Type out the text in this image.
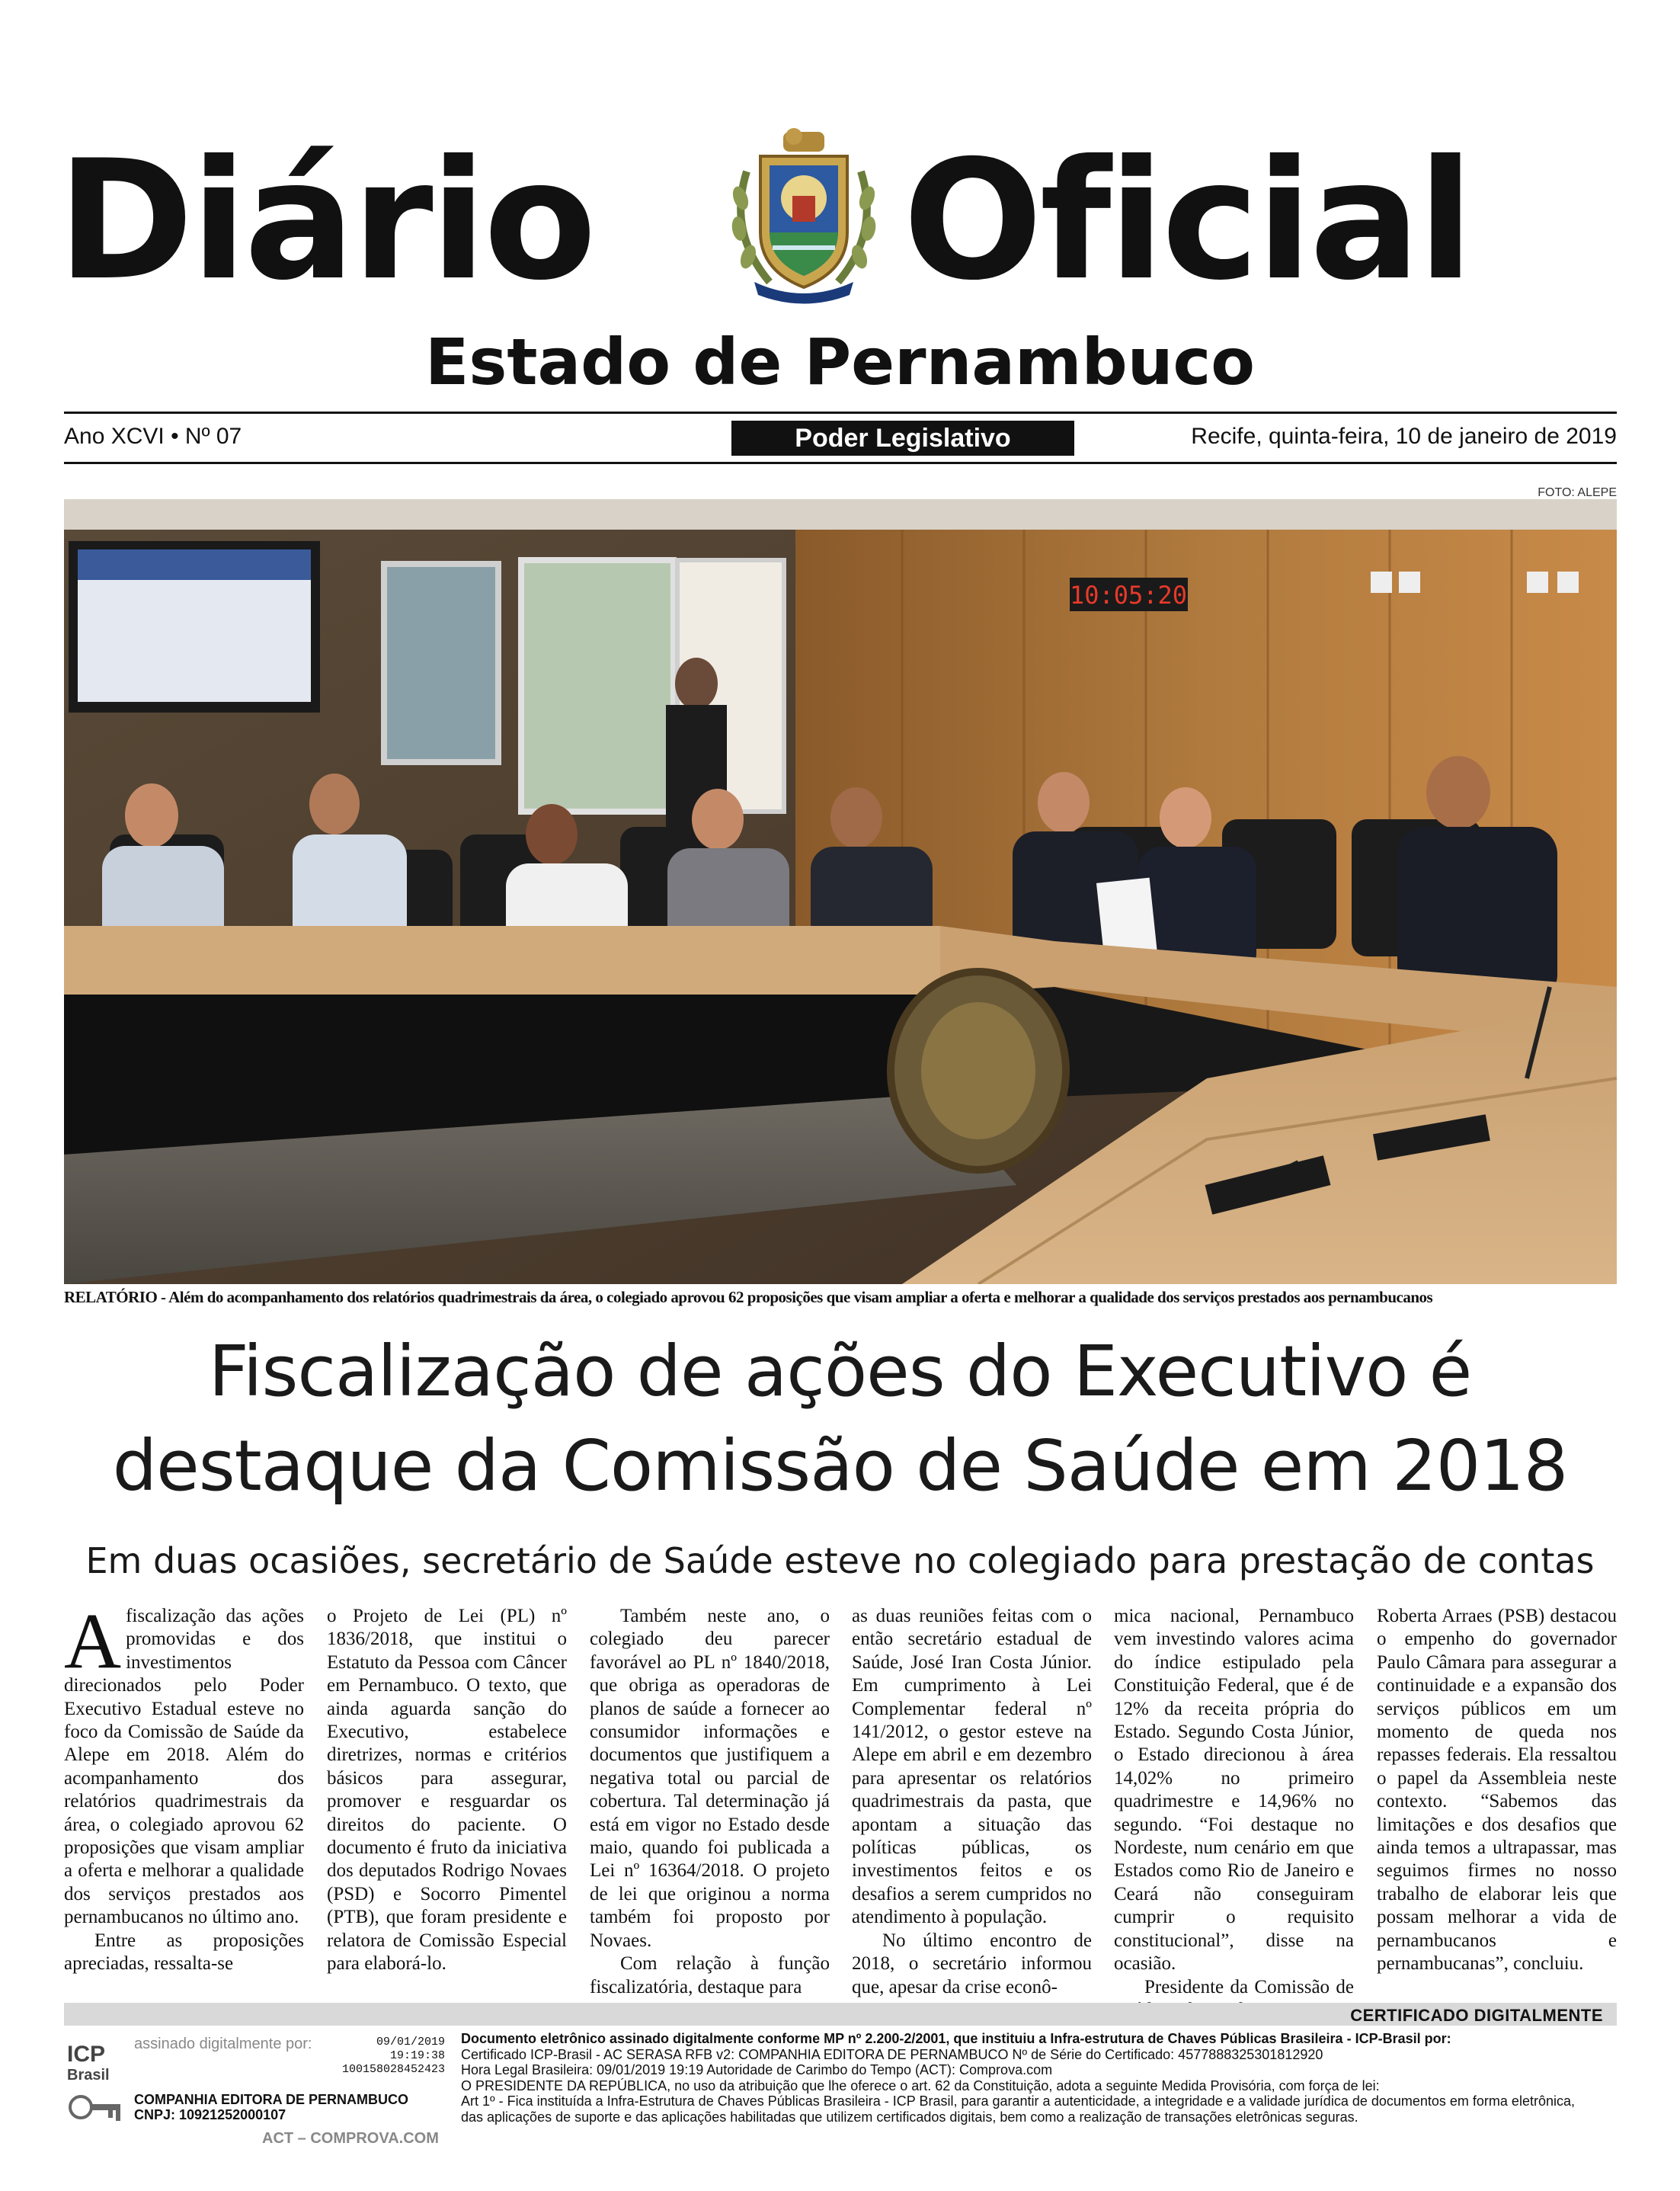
Diário Oficial
Estado de Pernambuco
Ano XCVI • Nº 07	Poder Legislativo	Recife, quinta-feira, 10 de janeiro de 2019
FOTO: ALEPE
10:05:20
RELATÓRIO - Além do acompanhamento dos relatórios quadrimestrais da área, o colegiado aprovou 62 proposições que visam ampliar a oferta e melhorar a qualidade dos serviços prestados aos pernambucanos
Fiscalização de ações do Executivo é
destaque da Comissão de Saúde em 2018
Em duas ocasiões, secretário de Saúde esteve no colegiado para prestação de contas

Afiscalização das ações promovidas e dos investimentos direcionados pelo Poder Executivo Estadual esteve no foco da Comissão de Saúde da Alepe em 2018. Além do acompanhamento dos relatórios quadrimestrais da área, o colegiado aprovou 62 proposições que visam ampliar a oferta e melhorar a qualidade dos serviços prestados aos pernambucanos no último ano.

Entre as proposições apreciadas, ressalta-se

o Projeto de Lei (PL) nº 1836/2018, que institui o Estatuto da Pessoa com Câncer em Pernambuco. O texto, que ainda aguarda sanção do Executivo, estabelece diretrizes, normas e critérios básicos para assegurar, promover e resguardar os direitos do paciente. O documento é fruto da iniciativa dos deputados Rodrigo Novaes (PSD) e Socorro Pimentel (PTB), que foram presidente e relatora de Comissão Especial para elaborá-lo.

Também neste ano, o colegiado deu parecer favorável ao PL nº 1840/2018, que obriga as operadoras de planos de saúde a fornecer ao consumidor informações e documentos que justifiquem a negativa total ou parcial de cobertura. Tal determinação já está em vigor no Estado desde maio, quando foi publicada a Lei nº 16364/2018. O projeto de lei que originou a norma também foi proposto por Novaes.

Com relação à função fiscalizatória, destaque para

as duas reuniões feitas com o então secretário estadual de Saúde, José Iran Costa Júnior. Em cumprimento à Lei Complementar federal nº 141/2012, o gestor esteve na Alepe em abril e em dezembro para apresentar os relatórios quadrimestrais da pasta, que apontam a situação das políticas públicas, os investimentos feitos e os desafios a serem cumpridos no atendimento à população.

No último encontro de 2018, o secretário informou que, apesar da crise econô-

mica nacional, Pernambuco vem investindo valores acima do índice estipulado pela Constituição Federal, que é de 12% da receita própria do Estado. Segundo Costa Júnior, o Estado direcionou à área 14,02% no primeiro quadrimestre e 14,96% no segundo. “Foi destaque no Nordeste, num cenário em que Estados como Rio de Janeiro e Ceará não conseguiram cumprir o requisito constitucional”, disse na ocasião.

Presidente da Comissão de

Roberta Arraes (PSB) destacou o empenho do governador Paulo Câmara para assegurar a continuidade e a expansão dos serviços públicos em um momento de queda nos repasses federais. Ela ressaltou o papel da Assembleia neste contexto. “Sabemos das limitações e dos desafios que ainda temos a ultrapassar, mas seguimos firmes no nosso trabalho de elaborar leis que possam melhorar a vida de pernambucanos e pernambucanas”, concluiu.

CERTIFICADO DIGITALMENTE
ICP
Brasil
assinado digitalmente por:	09/01/2019
19:19:38
100158028452423
COMPANHIA EDITORA DE PERNAMBUCO
CNPJ: 10921252000107
ACT – COMPROVA.COM
Documento eletrônico assinado digitalmente conforme MP nº 2.200-2/2001, que instituiu a Infra-estrutura de Chaves Públicas Brasileira - ICP-Brasil por:
Certificado ICP-Brasil - AC SERASA RFB v2: COMPANHIA EDITORA DE PERNAMBUCO Nº de Série do Certificado: 4577888325301812920
Hora Legal Brasileira: 09/01/2019 19:19 Autoridade de Carimbo do Tempo (ACT): Comprova.com
O PRESIDENTE DA REPÚBLICA, no uso da atribuição que lhe oferece o art. 62 da Constituição, adota a seguinte Medida Provisória, com força de lei:
Art 1º - Fica instituída a Infra-Estrutura de Chaves Públicas Brasileira - ICP Brasil, para garantir a autenticidade, a integridade e a validade jurídica de documentos em forma eletrônica,
das aplicações de suporte e das aplicações habilitadas que utilizem certificados digitais, bem como a realização de transações eletrônicas seguras.
